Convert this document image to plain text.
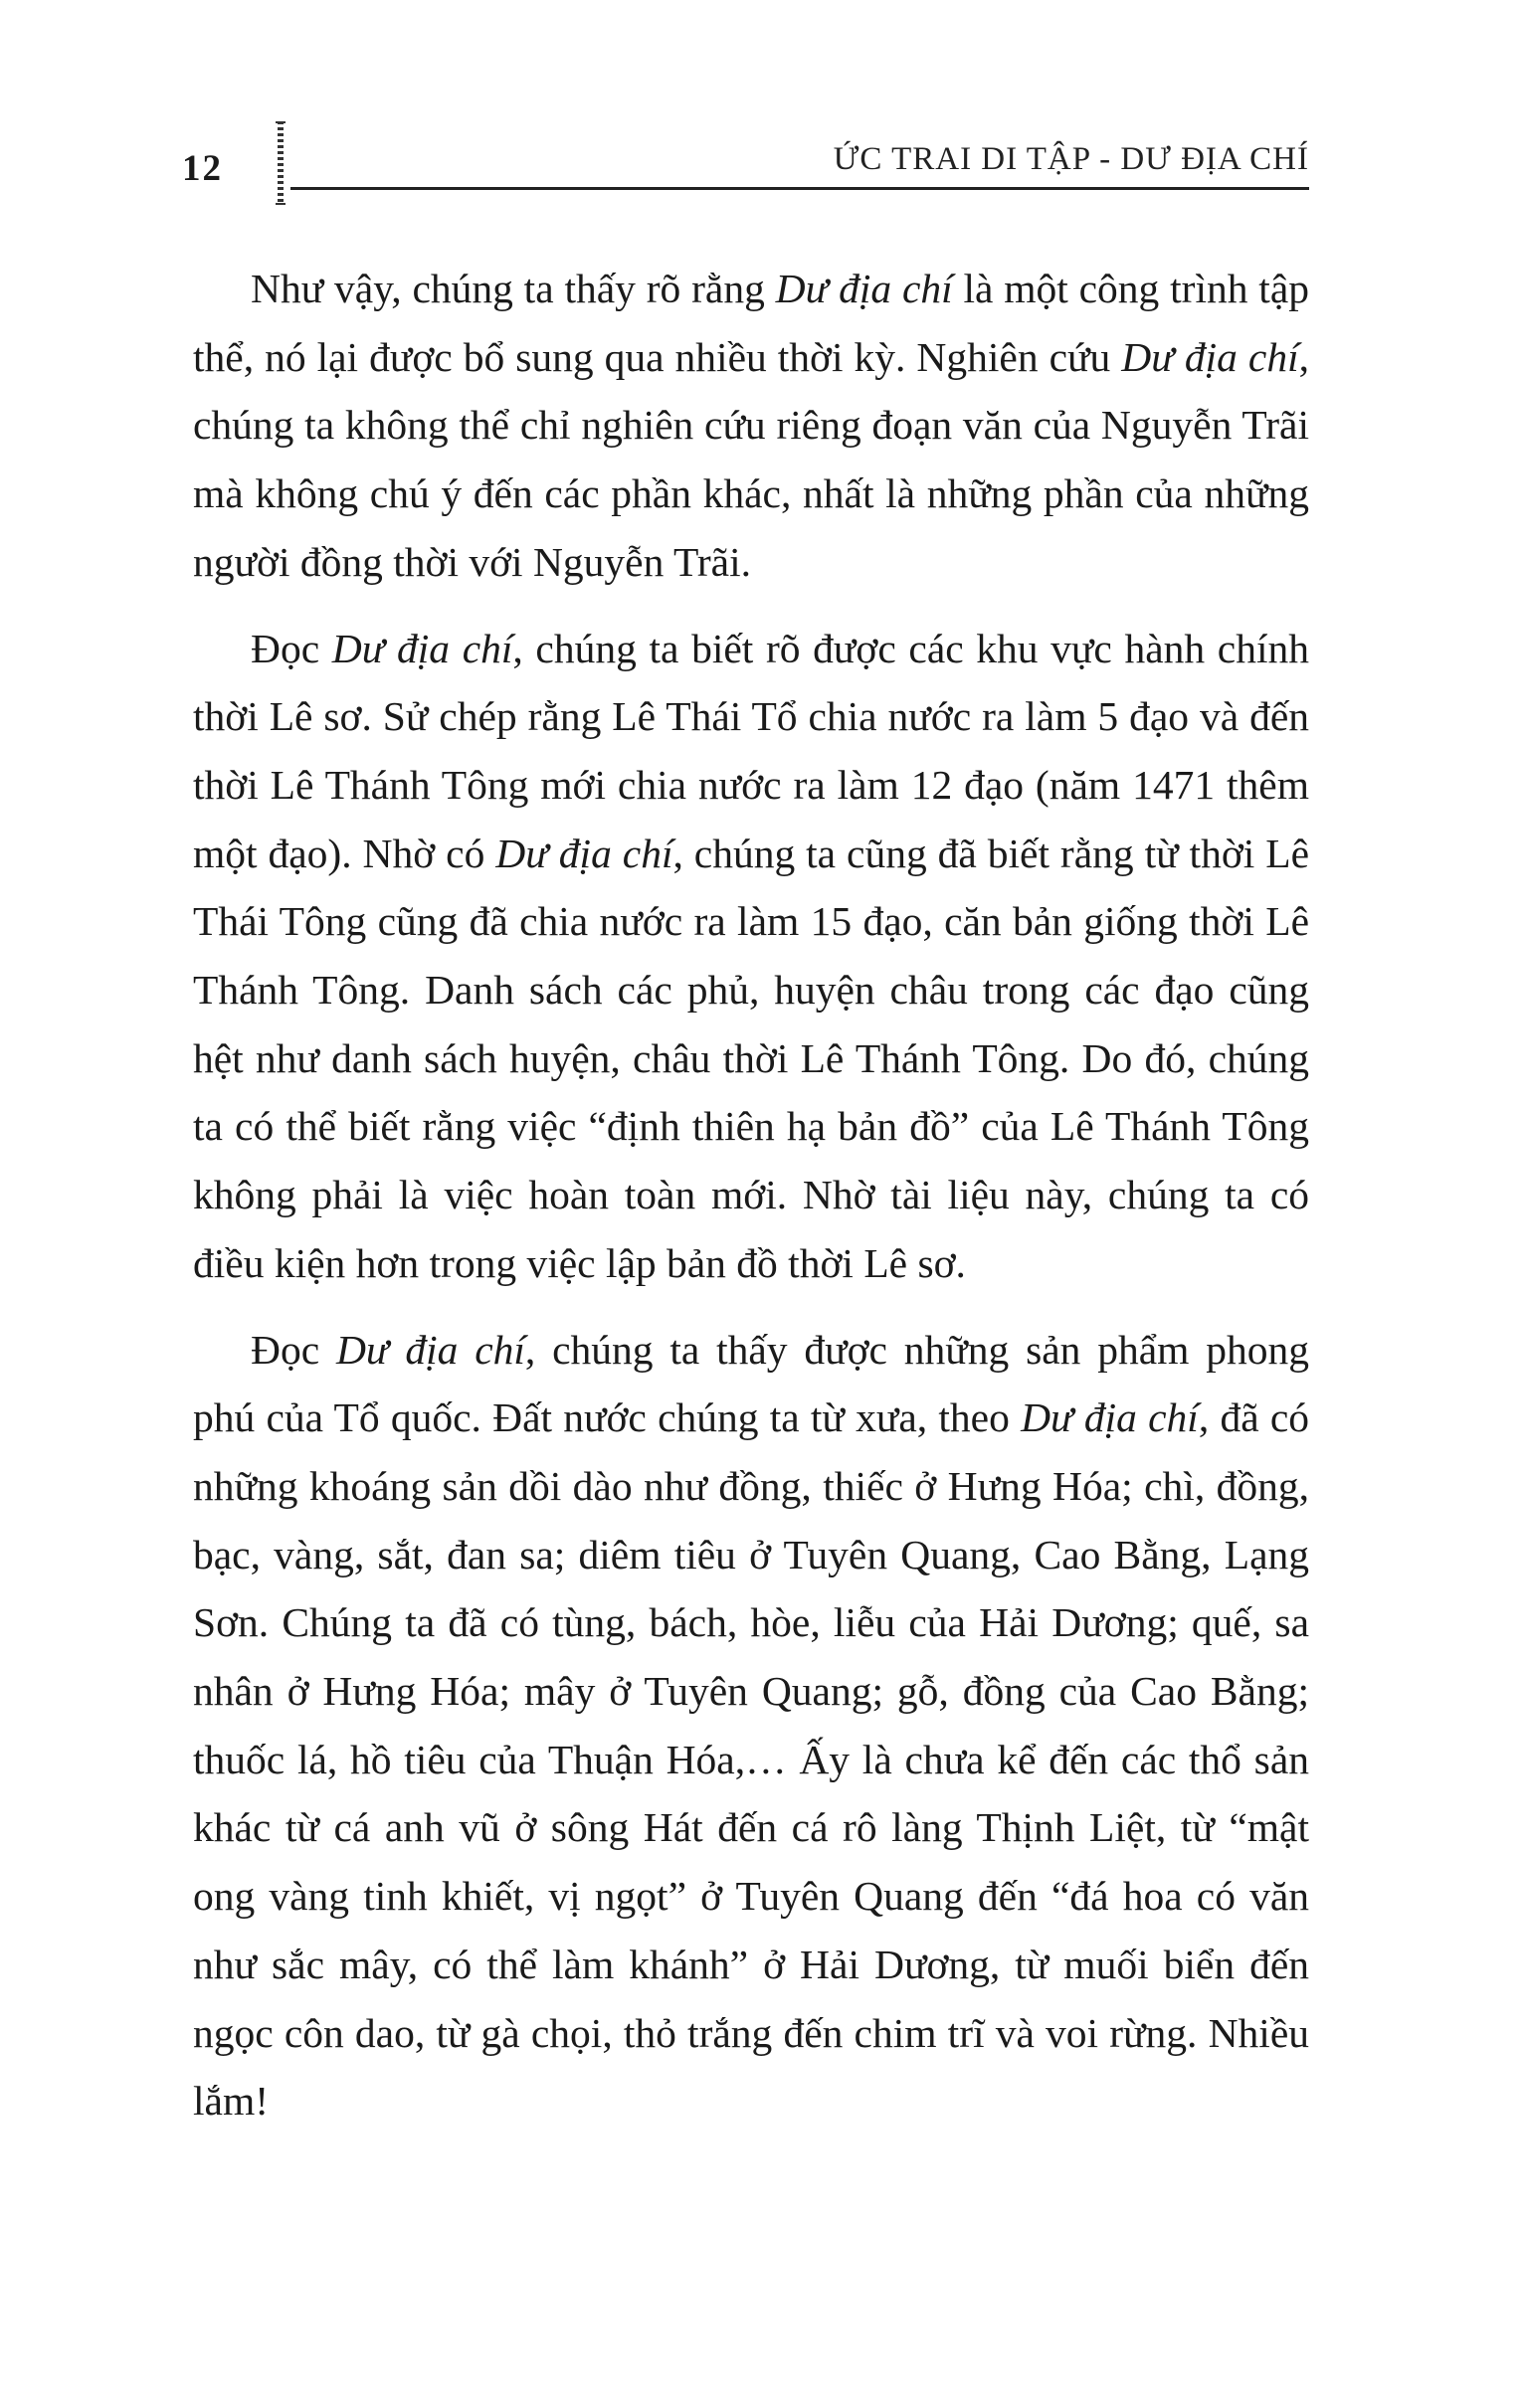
12	ỨC TRAI DI TẬP - DƯ ĐỊA CHÍ

Như vậy, chúng ta thấy rõ rằng Dư địa chí là một công trình tập thể, nó lại được bổ sung qua nhiều thời kỳ. Nghiên cứu Dư địa chí, chúng ta không thể chỉ nghiên cứu riêng đoạn văn của Nguyễn Trãi mà không chú ý đến các phần khác, nhất là những phần của những người đồng thời với Nguyễn Trãi.

Đọc Dư địa chí, chúng ta biết rõ được các khu vực hành chính thời Lê sơ. Sử chép rằng Lê Thái Tổ chia nước ra làm 5 đạo và đến thời Lê Thánh Tông mới chia nước ra làm 12 đạo (năm 1471 thêm một đạo). Nhờ có Dư địa chí, chúng ta cũng đã biết rằng từ thời Lê Thái Tông cũng đã chia nước ra làm 15 đạo, căn bản giống thời Lê Thánh Tông. Danh sách các phủ, huyện châu trong các đạo cũng hệt như danh sách huyện, châu thời Lê Thánh Tông. Do đó, chúng ta có thể biết rằng việc “định thiên hạ bản đồ” của Lê Thánh Tông không phải là việc hoàn toàn mới. Nhờ tài liệu này, chúng ta có điều kiện hơn trong việc lập bản đồ thời Lê sơ.

Đọc Dư địa chí, chúng ta thấy được những sản phẩm phong phú của Tổ quốc. Đất nước chúng ta từ xưa, theo Dư địa chí, đã có những khoáng sản dồi dào như đồng, thiếc ở Hưng Hóa; chì, đồng, bạc, vàng, sắt, đan sa; diêm tiêu ở Tuyên Quang, Cao Bằng, Lạng Sơn. Chúng ta đã có tùng, bách, hòe, liễu của Hải Dương; quế, sa nhân ở Hưng Hóa; mây ở Tuyên Quang; gỗ, đồng của Cao Bằng; thuốc lá, hồ tiêu của Thuận Hóa,… Ấy là chưa kể đến các thổ sản khác từ cá anh vũ ở sông Hát đến cá rô làng Thịnh Liệt, từ “mật ong vàng tinh khiết, vị ngọt” ở Tuyên Quang đến “đá hoa có văn như sắc mây, có thể làm khánh” ở Hải Dương, từ muối biển đến ngọc côn dao, từ gà chọi, thỏ trắng đến chim trĩ và voi rừng. Nhiều lắm!
